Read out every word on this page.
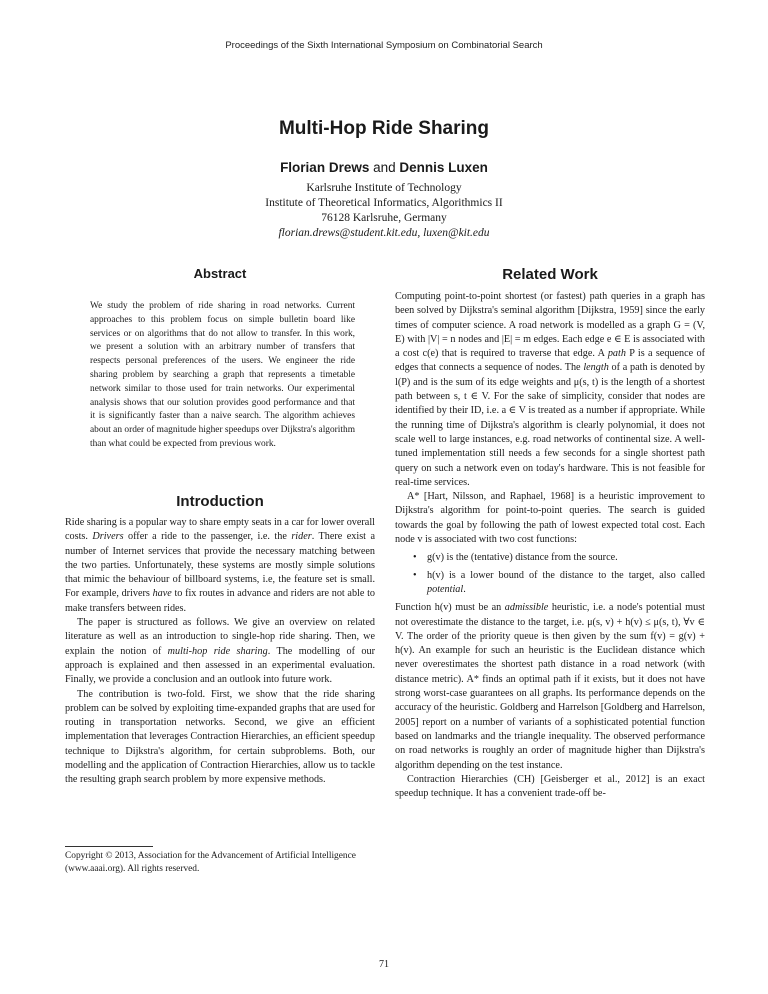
Proceedings of the Sixth International Symposium on Combinatorial Search
Multi-Hop Ride Sharing
Florian Drews and Dennis Luxen
Karlsruhe Institute of Technology
Institute of Theoretical Informatics, Algorithmics II
76128 Karlsruhe, Germany
florian.drews@student.kit.edu, luxen@kit.edu
Abstract
We study the problem of ride sharing in road networks. Current approaches to this problem focus on simple bulletin board like services or on algorithms that do not allow to transfer. In this work, we present a solution with an arbitrary number of transfers that respects personal preferences of the users. We engineer the ride sharing problem by searching a graph that represents a timetable network similar to those used for train networks. Our experimental analysis shows that our solution provides good performance and that it is significantly faster than a naive search. The algorithm achieves about an order of magnitude higher speedups over Dijkstra's algorithm than what could be expected from previous work.
Introduction

Ride sharing is a popular way to share empty seats in a car for lower overall costs. Drivers offer a ride to the passenger, i.e. the rider. There exist a number of Internet services that provide the necessary matching between the two parties. Unfortunately, these systems are mostly simple solutions that mimic the behaviour of billboard systems, i.e, the feature set is small. For example, drivers have to fix routes in advance and riders are not able to make transfers between rides.

The paper is structured as follows. We give an overview on related literature as well as an introduction to single-hop ride sharing. Then, we explain the notion of multi-hop ride sharing. The modelling of our approach is explained and then assessed in an experimental evaluation. Finally, we provide a conclusion and an outlook into future work.

The contribution is two-fold. First, we show that the ride sharing problem can be solved by exploiting time-expanded graphs that are used for routing in transportation networks. Second, we give an efficient implementation that leverages Contraction Hierarchies, an efficient speedup technique to Dijkstra's algorithm, for certain subproblems. Both, our modelling and the application of Contraction Hierarchies, allow us to tackle the resulting graph search problem by more expensive methods.

Copyright © 2013, Association for the Advancement of Artificial Intelligence (www.aaai.org). All rights reserved.
Related Work

Computing point-to-point shortest (or fastest) path queries in a graph has been solved by Dijkstra's seminal algorithm [Dijkstra, 1959] since the early times of computer science. A road network is modelled as a graph G = (V, E) with |V| = n nodes and |E| = m edges. Each edge e ∈ E is associated with a cost c(e) that is required to traverse that edge. A path P is a sequence of edges that connects a sequence of nodes. The length of a path is denoted by l(P) and is the sum of its edge weights and μ(s, t) is the length of a shortest path between s, t ∈ V. For the sake of simplicity, consider that nodes are identified by their ID, i.e. a ∈ V is treated as a number if appropriate. While the running time of Dijkstra's algorithm is clearly polynomial, it does not scale well to large instances, e.g. road networks of continental size. A well-tuned implementation still needs a few seconds for a single shortest path query on such a network even on today's hardware. This is not feasible for real-time services.

A* [Hart, Nilsson, and Raphael, 1968] is a heuristic improvement to Dijkstra's algorithm for point-to-point queries. The search is guided towards the goal by following the path of lowest expected total cost. Each node v is associated with two cost functions:

• g(v) is the (tentative) distance from the source.
• h(v) is a lower bound of the distance to the target, also called potential.

Function h(v) must be an admissible heuristic, i.e. a node's potential must not overestimate the distance to the target, i.e. μ(s, v) + h(v) ≤ μ(s, t), ∀v ∈ V. The order of the priority queue is then given by the sum f(v) = g(v) + h(v). An example for such an heuristic is the Euclidean distance which never overestimates the shortest path distance in a road network (with distance metric). A* finds an optimal path if it exists, but it does not have strong worst-case guarantees on all graphs. Its performance depends on the accuracy of the heuristic. Goldberg and Harrelson [Goldberg and Harrelson, 2005] report on a number of variants of a sophisticated potential function based on landmarks and the triangle inequality. The observed performance on road networks is roughly an order of magnitude higher than Dijkstra's algorithm depending on the test instance.

Contraction Hierarchies (CH) [Geisberger et al., 2012] is an exact speedup technique. It has a convenient trade-off be-

71
